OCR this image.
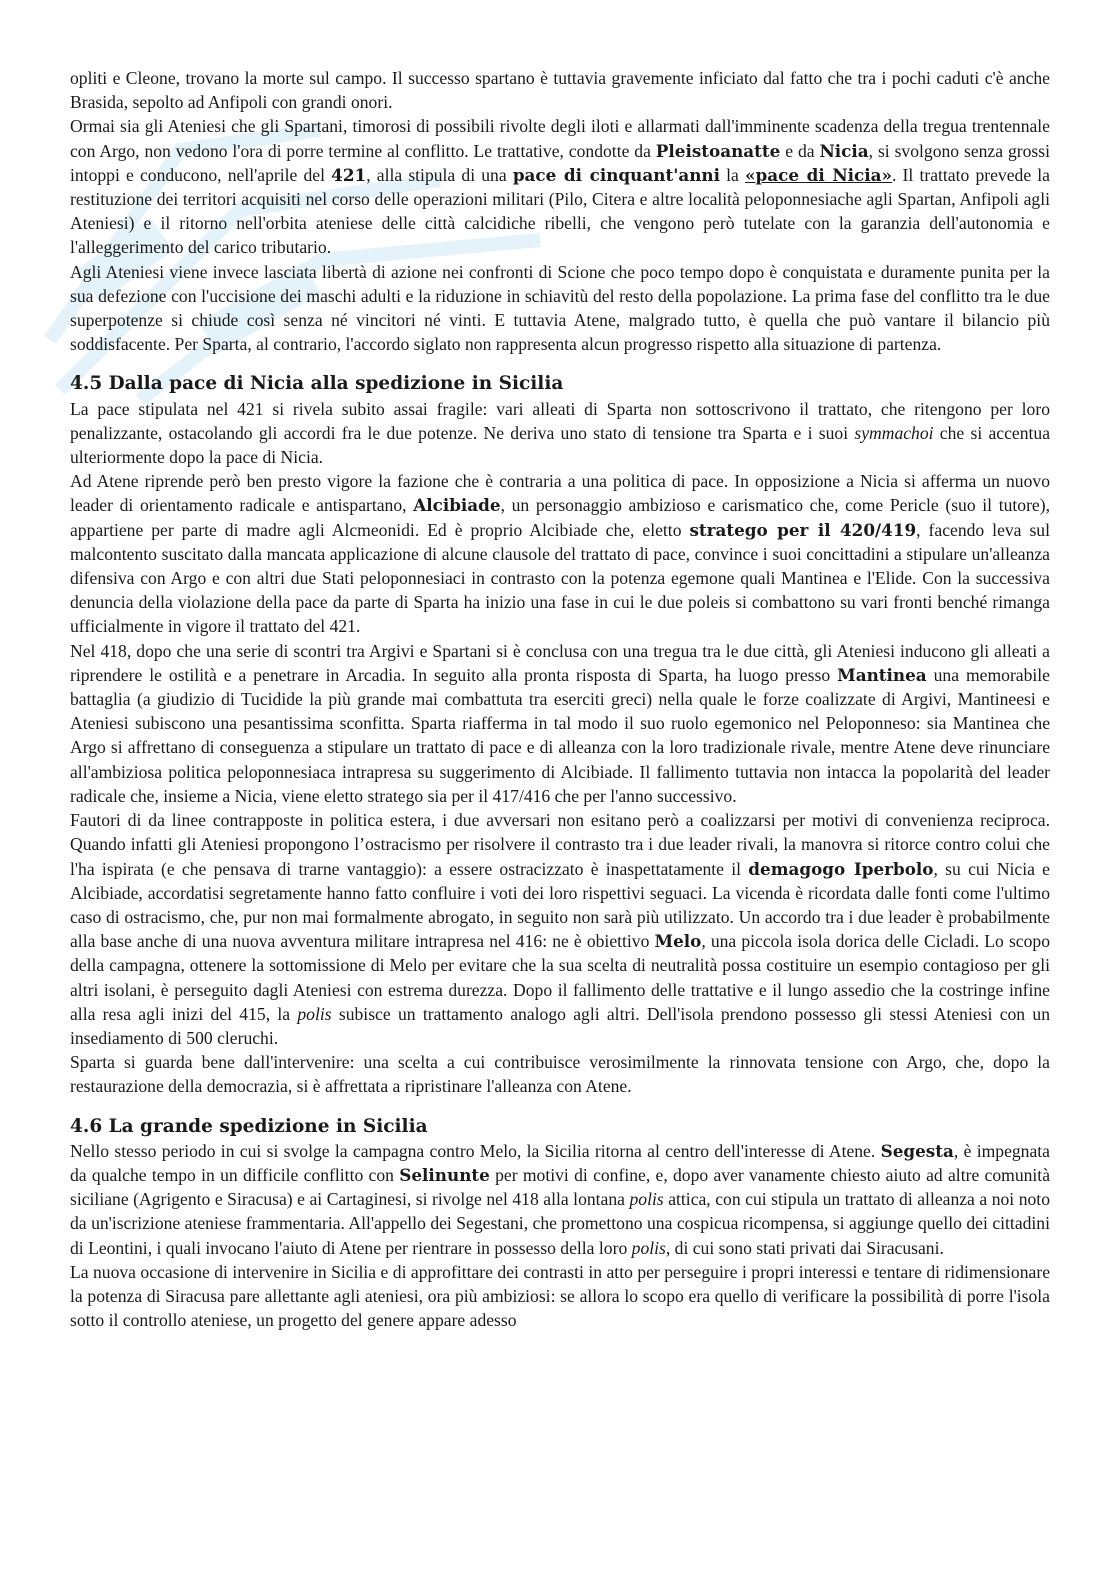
opliti e Cleone, trovano la morte sul campo. Il successo spartano è tuttavia gravemente inficiato dal fatto che tra i pochi caduti c'è anche Brasida, sepolto ad Anfipoli con grandi onori.

Ormai sia gli Ateniesi che gli Spartani, timorosi di possibili rivolte degli iloti e allarmati dall'imminente scadenza della tregua trentennale con Argo, non vedono l'ora di porre termine al conflitto. Le trattative, condotte da Pleistoanatte e da Nicia, si svolgono senza grossi intoppi e conducono, nell'aprile del 421, alla stipula di una pace di cinquant'anni la «pace di Nicia». Il trattato prevede la restituzione dei territori acquisiti nel corso delle operazioni militari (Pilo, Citera e altre località peloponnesiache agli Spartan, Anfipoli agli Ateniesi) e il ritorno nell'orbita ateniese delle città calcidiche ribelli, che vengono però tutelate con la garanzia dell'autonomia e l'alleggerimento del carico tributario.

Agli Ateniesi viene invece lasciata libertà di azione nei confronti di Scione che poco tempo dopo è conquistata e duramente punita per la sua defezione con l'uccisione dei maschi adulti e la riduzione in schiavitù del resto della popolazione. La prima fase del conflitto tra le due superpotenze si chiude così senza né vincitori né vinti. E tuttavia Atene, malgrado tutto, è quella che può vantare il bilancio più soddisfacente. Per Sparta, al contrario, l'accordo siglato non rappresenta alcun progresso rispetto alla situazione di partenza.

4.5 Dalla pace di Nicia alla spedizione in Sicilia

La pace stipulata nel 421 si rivela subito assai fragile: vari alleati di Sparta non sottoscrivono il trattato, che ritengono per loro penalizzante, ostacolando gli accordi fra le due potenze. Ne deriva uno stato di tensione tra Sparta e i suoi symmachoi che si accentua ulteriormente dopo la pace di Nicia.

Ad Atene riprende però ben presto vigore la fazione che è contraria a una politica di pace. In opposizione a Nicia si afferma un nuovo leader di orientamento radicale e antispartano, Alcibiade, un personaggio ambizioso e carismatico che, come Pericle (suo il tutore), appartiene per parte di madre agli Alcmeonidi. Ed è proprio Alcibiade che, eletto stratego per il 420/419, facendo leva sul malcontento suscitato dalla mancata applicazione di alcune clausole del trattato di pace, convince i suoi concittadini a stipulare un'alleanza difensiva con Argo e con altri due Stati peloponnesiaci in contrasto con la potenza egemone quali Mantinea e l'Elide. Con la successiva denuncia della violazione della pace da parte di Sparta ha inizio una fase in cui le due poleis si combattono su vari fronti benché rimanga ufficialmente in vigore il trattato del 421.

Nel 418, dopo che una serie di scontri tra Argivi e Spartani si è conclusa con una tregua tra le due città, gli Ateniesi inducono gli alleati a riprendere le ostilità e a penetrare in Arcadia. In seguito alla pronta risposta di Sparta, ha luogo presso Mantinea una memorabile battaglia (a giudizio di Tucidide la più grande mai combattuta tra eserciti greci) nella quale le forze coalizzate di Argivi, Mantineesi e Ateniesi subiscono una pesantissima sconfitta. Sparta riafferma in tal modo il suo ruolo egemonico nel Peloponneso: sia Mantinea che Argo si affrettano di conseguenza a stipulare un trattato di pace e di alleanza con la loro tradizionale rivale, mentre Atene deve rinunciare all'ambiziosa politica peloponnesiaca intrapresa su suggerimento di Alcibiade. Il fallimento tuttavia non intacca la popolarità del leader radicale che, insieme a Nicia, viene eletto stratego sia per il 417/416 che per l'anno successivo.

Fautori di da linee contrapposte in politica estera, i due avversari non esitano però a coalizzarsi per motivi di convenienza reciproca. Quando infatti gli Ateniesi propongono l’ostracismo per risolvere il contrasto tra i due leader rivali, la manovra si ritorce contro colui che l'ha ispirata (e che pensava di trarne vantaggio): a essere ostracizzato è inaspettatamente il demagogo Iperbolo, su cui Nicia e Alcibiade, accordatisi segretamente hanno fatto confluire i voti dei loro rispettivi seguaci. La vicenda è ricordata dalle fonti come l'ultimo caso di ostracismo, che, pur non mai formalmente abrogato, in seguito non sarà più utilizzato. Un accordo tra i due leader è probabilmente alla base anche di una nuova avventura militare intrapresa nel 416: ne è obiettivo Melo, una piccola isola dorica delle Cicladi. Lo scopo della campagna, ottenere la sottomissione di Melo per evitare che la sua scelta di neutralità possa costituire un esempio contagioso per gli altri isolani, è perseguito dagli Ateniesi con estrema durezza. Dopo il fallimento delle trattative e il lungo assedio che la costringe infine alla resa agli inizi del 415, la polis subisce un trattamento analogo agli altri. Dell'isola prendono possesso gli stessi Ateniesi con un insediamento di 500 cleruchi.

Sparta si guarda bene dall'intervenire: una scelta a cui contribuisce verosimilmente la rinnovata tensione con Argo, che, dopo la restaurazione della democrazia, si è affrettata a ripristinare l'alleanza con Atene.

4.6 La grande spedizione in Sicilia

Nello stesso periodo in cui si svolge la campagna contro Melo, la Sicilia ritorna al centro dell'interesse di Atene. Segesta, è impegnata da qualche tempo in un difficile conflitto con Selinunte per motivi di confine, e, dopo aver vanamente chiesto aiuto ad altre comunità siciliane (Agrigento e Siracusa) e ai Cartaginesi, si rivolge nel 418 alla lontana polis attica, con cui stipula un trattato di alleanza a noi noto da un'iscrizione ateniese frammentaria. All'appello dei Segestani, che promettono una cospicua ricompensa, si aggiunge quello dei cittadini di Leontini, i quali invocano l'aiuto di Atene per rientrare in possesso della loro polis, di cui sono stati privati dai Siracusani.

La nuova occasione di intervenire in Sicilia e di approfittare dei contrasti in atto per perseguire i propri interessi e tentare di ridimensionare la potenza di Siracusa pare allettante agli ateniesi, ora più ambiziosi: se allora lo scopo era quello di verificare la possibilità di porre l'isola sotto il controllo ateniese, un progetto del genere appare adesso
